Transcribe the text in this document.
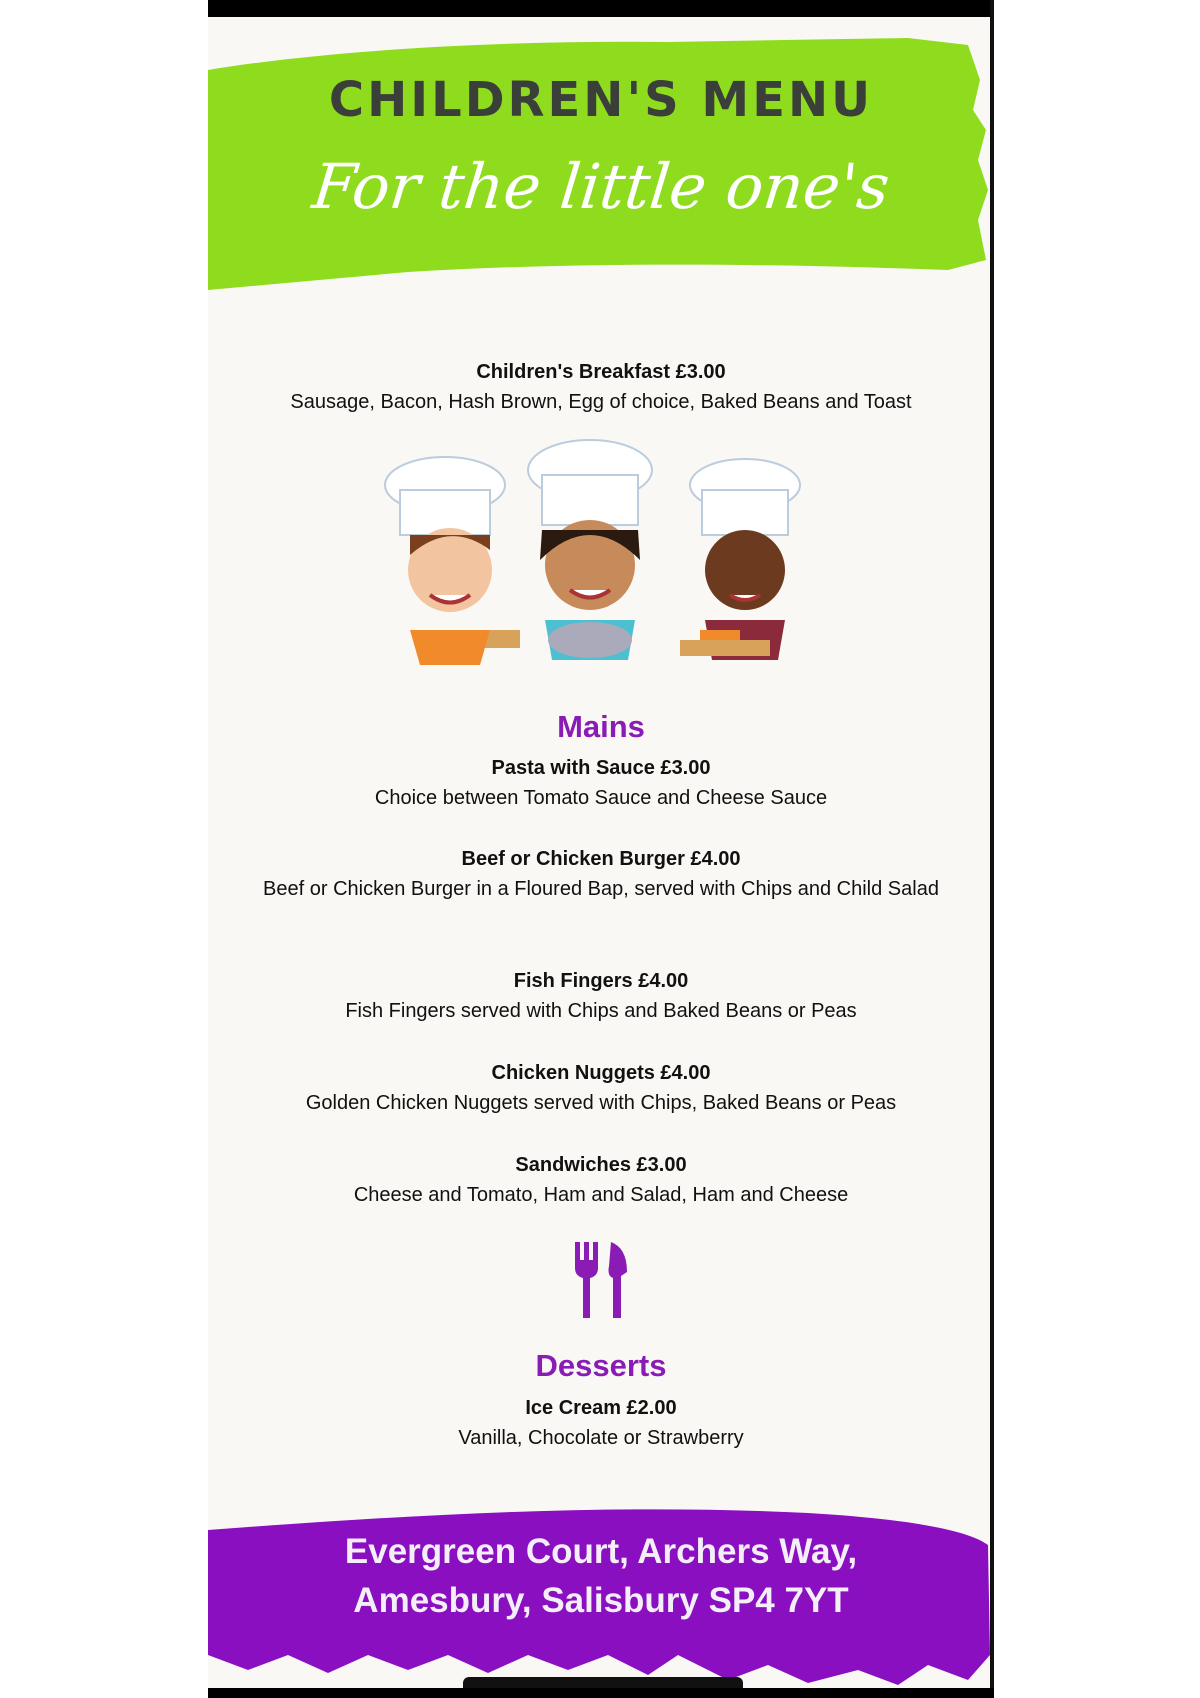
CHILDREN'S MENU
For the little one's
Children's Breakfast £3.00
Sausage, Bacon, Hash Brown, Egg of choice, Baked Beans and Toast
Mains
Pasta with Sauce £3.00
Choice between Tomato Sauce and Cheese Sauce
Beef or Chicken Burger £4.00
Beef or Chicken Burger in a Floured Bap, served with Chips and Child Salad
Fish Fingers £4.00
Fish Fingers served with Chips and Baked Beans or Peas
Chicken Nuggets £4.00
Golden Chicken Nuggets served with Chips, Baked Beans or Peas
Sandwiches £3.00
Cheese and Tomato, Ham and Salad, Ham and Cheese
Desserts
Ice Cream £2.00
Vanilla, Chocolate or Strawberry
Evergreen Court, Archers Way,
Amesbury, Salisbury SP4 7YT
